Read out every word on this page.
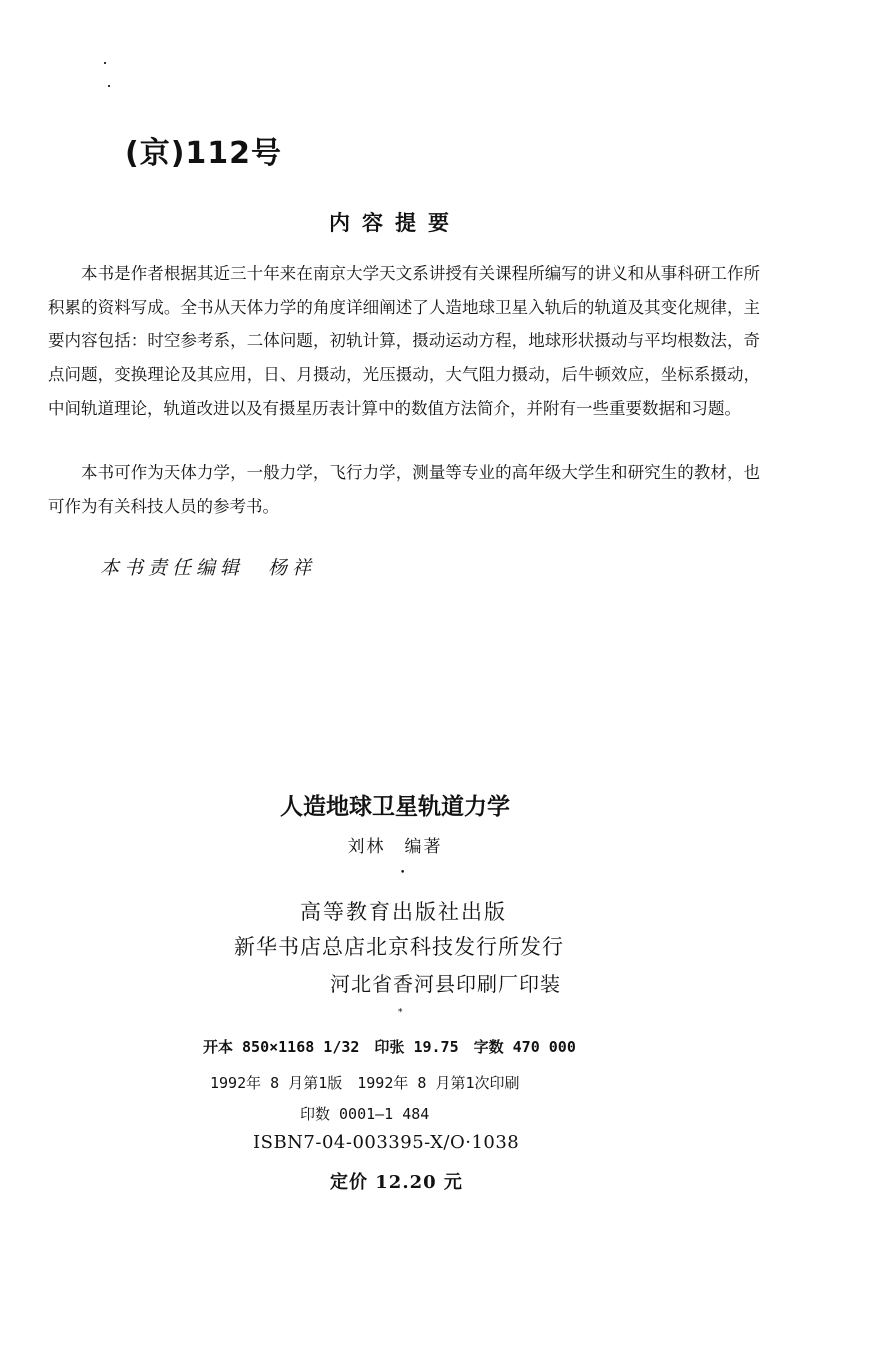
(京)112号
内容提要
本书是作者根据其近三十年来在南京大学天文系讲授有关课程所编写的讲义和从事科研工作所积累的资料写成。全书从天体力学的角度详细阐述了人造地球卫星入轨后的轨道及其变化规律，主要内容包括：时空参考系，二体问题，初轨计算，摄动运动方程，地球形状摄动与平均根数法，奇点问题，变换理论及其应用，日、月摄动，光压摄动，大气阻力摄动，后牛顿效应，坐标系摄动，中间轨道理论，轨道改进以及有摄星历表计算中的数值方法简介，并附有一些重要数据和习题。
本书可作为天体力学，一般力学，飞行力学，测量等专业的高年级大学生和研究生的教材，也可作为有关科技人员的参考书。
本书责任编辑　杨祥
人造地球卫星轨道力学
刘林　编著
•
高等教育出版社出版
新华书店总店北京科技发行所发行
河北省香河县印刷厂印装
*
开本 850×1168 1/32　印张 19.75　字数 470 000
1992年 8 月第1版　1992年 8 月第1次印刷
印数 0001—1 484
ISBN7-04-003395-X/O·1038
定价 12.20 元
